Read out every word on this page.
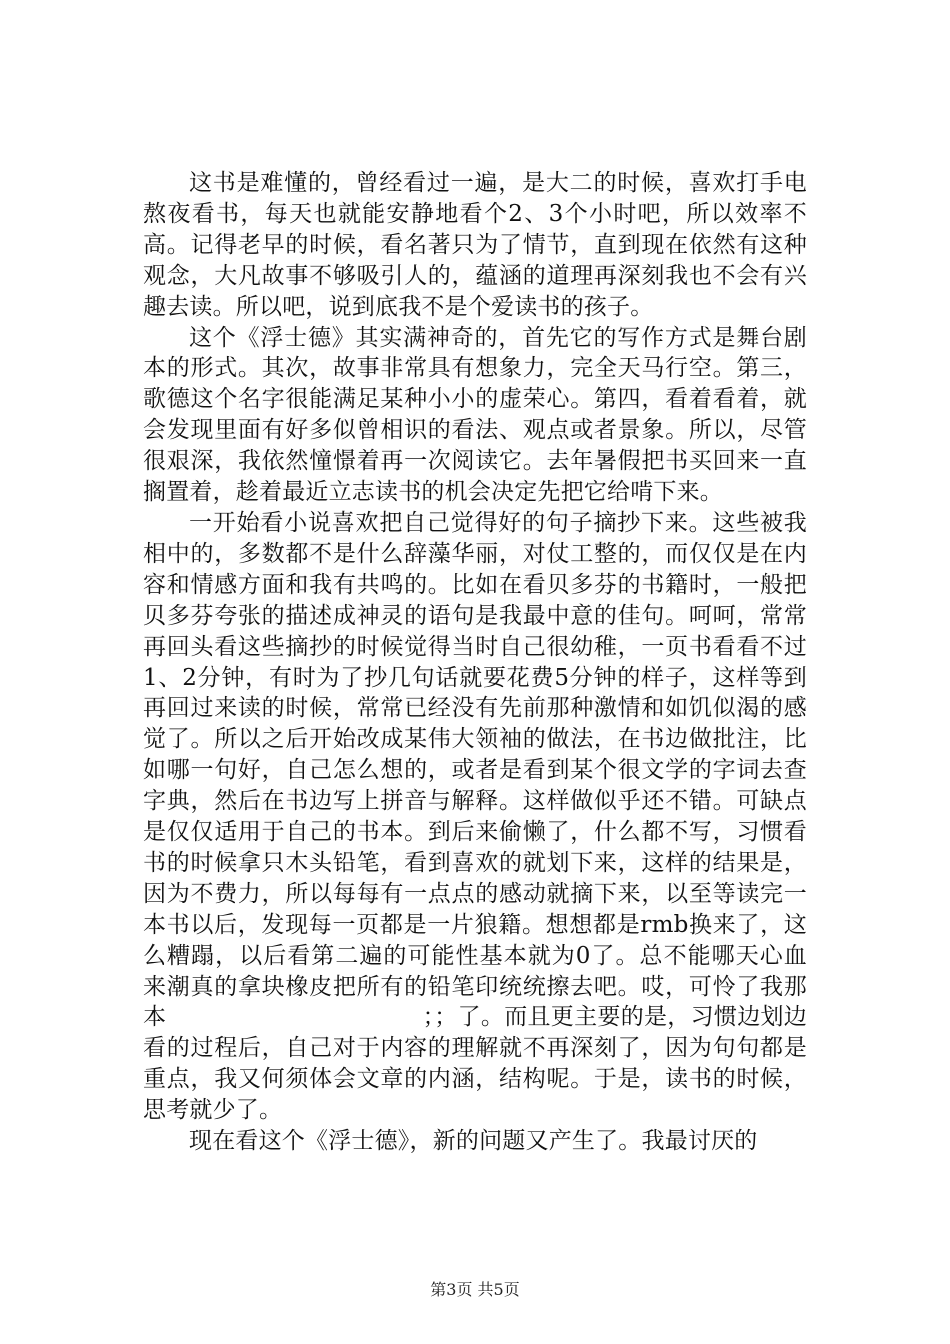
这书是难懂的，曾经看过一遍，是大二的时候，喜欢打手电熬夜看书，每天也就能安静地看个2、3个小时吧，所以效率不高。记得老早的时候，看名著只为了情节，直到现在依然有这种观念，大凡故事不够吸引人的，蕴涵的道理再深刻我也不会有兴趣去读。所以吧，说到底我不是个爱读书的孩子。

这个《浮士德》其实满神奇的，首先它的写作方式是舞台剧本的形式。其次，故事非常具有想象力，完全天马行空。第三，歌德这个名字很能满足某种小小的虚荣心。第四，看着看着，就会发现里面有好多似曾相识的看法、观点或者景象。所以，尽管很艰深，我依然憧憬着再一次阅读它。去年暑假把书买回来一直搁置着，趁着最近立志读书的机会决定先把它给啃下来。

一开始看小说喜欢把自己觉得好的句子摘抄下来。这些被我相中的，多数都不是什么辞藻华丽，对仗工整的，而仅仅是在内容和情感方面和我有共鸣的。比如在看贝多芬的书籍时，一般把贝多芬夸张的描述成神灵的语句是我最中意的佳句。呵呵，常常再回头看这些摘抄的时候觉得当时自己很幼稚，一页书看看不过1、2分钟，有时为了抄几句话就要花费5分钟的样子，这样等到再回过来读的时候，常常已经没有先前那种激情和如饥似渴的感觉了。所以之后开始改成某伟大领袖的做法，在书边做批注，比如哪一句好，自己怎么想的，或者是看到某个很文学的字词去查字典，然后在书边写上拼音与解释。这样做似乎还不错。可缺点是仅仅适用于自己的书本。到后来偷懒了，什么都不写，习惯看书的时候拿只木头铅笔，看到喜欢的就划下来，这样的结果是，因为不费力，所以每每有一点点的感动就摘下来，以至等读完一本书以后，发现每一页都是一片狼籍。想想都是rmb换来了，这么糟蹋，以后看第二遍的可能性基本就为0了。总不能哪天心血来潮真的拿块橡皮把所有的铅笔印统统擦去吧。哎，可怜了我那本　　　　　　　　　　　；；了。而且更主要的是，习惯边划边看的过程后，自己对于内容的理解就不再深刻了，因为句句都是重点，我又何须体会文章的内涵，结构呢。于是，读书的时候，思考就少了。

现在看这个《浮士德》，新的问题又产生了。我最讨厌的

第3页 共5页
